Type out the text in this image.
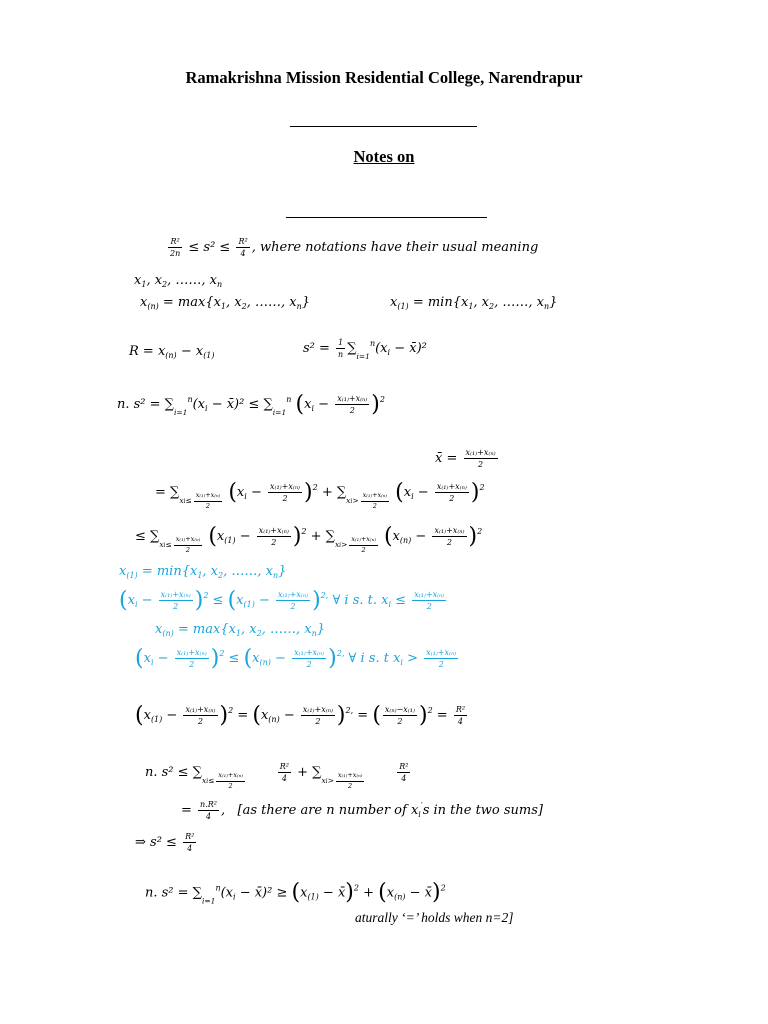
Ramakrishna Mission Residential College, Narendrapur
Notes on
$\frac{\text{R²}}{2n} \le s^2 \le \frac{\text{R²}}{4}$ , where notations have their usual meaning
$x_1$, $x_2$, ……, $x_n$
$x_{(n)} = \max\{x_1$, $x_2$, ……, $x_n$}	$x_{(1)} = \min\{x_1$, $x_2$, ……, $x_n$}
$R = x_{(n)} - x_{(1)}$	$s^2 = \frac{1}{n} \sum_{i=1}^n(x_i$ − x̄)²
n. $s^2 = \sum_{i=1}^n(x_i$ − x̄)² ≤ $\sum_{i=1}^n$ $(x_i - \frac{\text{x₍₁₎+x₍ₙ₎}}{2} )^2$
x̄ = $\frac{\text{x₍₁₎+x₍ₙ₎}}{2}$
= $\sum_{xi\le \frac{\text{x₍₁₎+x₍ₙ₎}}{2}}$ $(x_i - \frac{\text{x₍₁₎+x₍ₙ₎}}{2} )^2 + \sum_{xi> \frac{\text{x₍₁₎+x₍ₙ₎}}{2}}$ $(x_i - \frac{\text{x₍₁₎+x₍ₙ₎}}{2} )^2$
≤ $\sum_{xi\le \frac{\text{x₍₁₎+x₍ₙ₎}}{2}}$ $(x_{(1)} - \frac{\text{x₍₁₎+x₍ₙ₎}}{2} )^2 + \sum_{xi> \frac{\text{x₍₁₎+x₍ₙ₎}}{2}}$ $(x_{(n)} - \frac{\text{x₍₁₎+x₍ₙ₎}}{2} )^2$
$x_{(1)} = \min\{x_1$, $x_2$, ……, $x_n$}
$(x_i - \frac{\text{x₍₁₎+x₍ₙ₎}}{2} )^2 \le (x_{(1)} - \frac{\text{x₍₁₎+x₍ₙ₎}}{2} )^{2,}$ ∀ i s. t. $x_i \le \frac{\text{x₍₁₎+x₍ₙ₎}}{2}$
$x_{(n)} = \max\{x_1$, $x_2$, ……, $x_n$}
$(x_i - \frac{\text{x₍₁₎+x₍ₙ₎}}{2} )^2 \le (x_{(n)} - \frac{\text{x₍₁₎+x₍ₙ₎}}{2} )^{2,}$ ∀ i s. t $x_i > \frac{\text{x₍₁₎+x₍ₙ₎}}{2}$
$(x_{(1)} - \frac{\text{x₍₁₎+x₍ₙ₎}}{2} )^2 = (x_{(n)} - \frac{\text{x₍₁₎+x₍ₙ₎}}{2} )^{2,}$ = ( $\frac{\text{x₍ₙ₎−x₍₁₎}}{2} )^2 = \frac{\text{R²}}{4}$
n. $s^2 \le \sum_{xi\le \frac{\text{x₍₁₎+x₍ₙ₎}}{2}}$
	$\frac{\text{R²}}{4} + \sum_{xi> \frac{\text{x₍₁₎+x₍ₙ₎}}{2}}$
	$\frac{\text{R²}}{4}$
= $\frac{\text{n.R²}}{4}$ ,   [as there are n number of $x_i's$ in the two sums]
⇒ $s^2 \le \frac{\text{R²}}{4}$
n. $s^2 = \sum_{i=1}^n(x_i$ − x̄)² ≥ ($x_{(1)}$ − x̄)$^2$ + ($x_{(n)}$ − x̄)$^2$
aturally ‘=’ holds when n=2]
